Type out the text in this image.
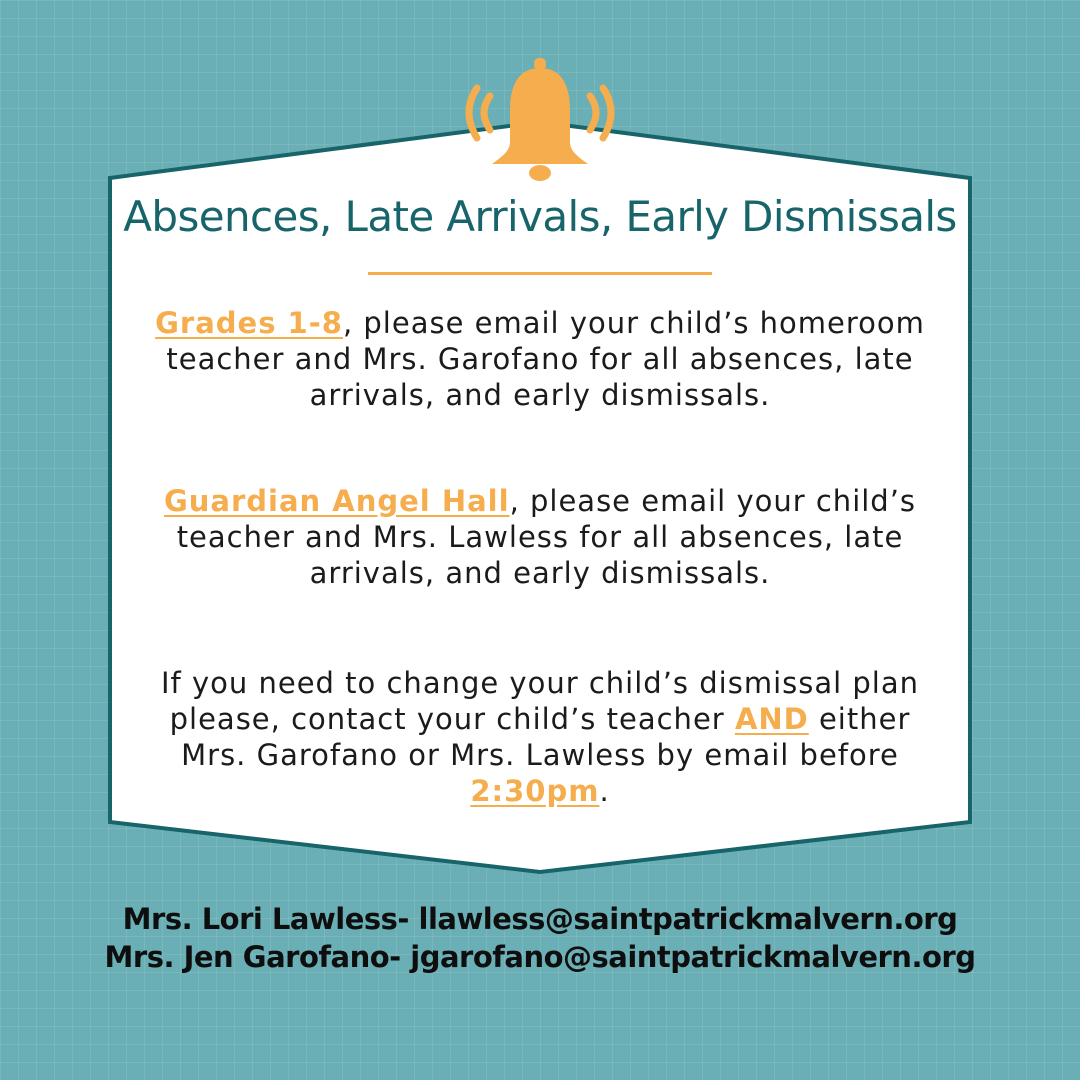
Absences, Late Arrivals, Early Dismissals

Grades 1-8, please email your child’s homeroom teacher and Mrs. Garofano for all absences, late arrivals, and early dismissals.

Guardian Angel Hall, please email your child’s teacher and Mrs. Lawless for all absences, late arrivals, and early dismissals.

If you need to change your child’s dismissal plan please, contact your child’s teacher AND either Mrs. Garofano or Mrs. Lawless by email before 2:30pm.

Mrs. Lori Lawless- llawless@saintpatrickmalvern.org
Mrs. Jen Garofano- jgarofano@saintpatrickmalvern.org
